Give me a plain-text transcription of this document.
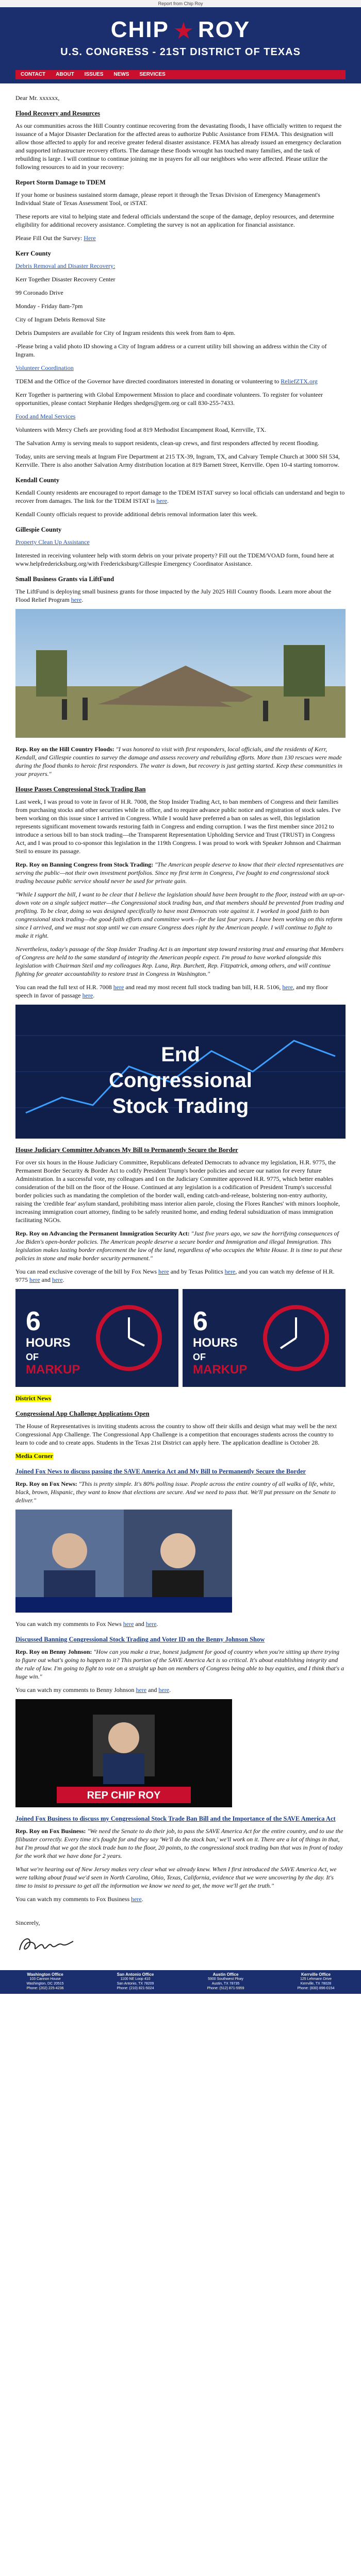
Report from Chip Roy
CHIP ROY
U.S. CONGRESS - 21ST DISTRICT OF TEXAS
CONTACT	ABOUT	ISSUES	NEWS	SERVICES

Dear Mr. xxxxxx,

Flood Recovery and Resources

As our communities across the Hill Country continue recovering from the devastating floods, I have officially written to request the issuance of a Major Disaster Declaration for the affected areas to authorize Public Assistance from FEMA. This designation will allow those affected to apply for and receive greater federal disaster assistance. FEMA has already issued an emergency declaration and supported infrastructure recovery efforts. The damage these floods wrought has touched many families, and the task of rebuilding is large. I will continue to continue joining me in prayers for all our neighbors who were affected. Please utilize the following resources to aid in your recovery:

Report Storm Damage to TDEM

If your home or business sustained storm damage, please report it through the Texas Division of Emergency Management's Individual State of Texas Assessment Tool, or iSTAT.

These reports are vital to helping state and federal officials understand the scope of the damage, deploy resources, and determine eligibility for additional recovery assistance. Completing the survey is not an application for financial assistance.

Please Fill Out the Survey: Here

Kerr County

Debris Removal and Disaster Recovery:

Kerr Together Disaster Recovery Center

99 Coronado Drive

Monday - Friday 8am-7pm

City of Ingram Debris Removal Site

Debris Dumpsters are available for City of Ingram residents this week from 8am to 4pm.

-Please bring a valid photo ID showing a City of Ingram address or a current utility bill showing an address within the City of Ingram.

Volunteer Coordination

TDEM and the Office of the Governor have directed coordinators interested in donating or volunteering to ReliefZTX.org

Kerr Together is partnering with Global Empowerment Mission to place and coordinate volunteers. To register for volunteer opportunities, please contact Stephanie Hedges shedges@gem.org or call 830-255-7433.

Food and Meal Services

Volunteers with Mercy Chefs are providing food at 819 Methodist Encampment Road, Kerrville, TX.

The Salvation Army is serving meals to support residents, clean-up crews, and first responders affected by recent flooding.

Today, units are serving meals at Ingram Fire Department at 215 TX-39, Ingram, TX, and Calvary Temple Church at 3000 SH 534, Kerrville. There is also another Salvation Army distribution location at 819 Barnett Street, Kerrville. Open 10-4 starting tomorrow.

Kendall County

Kendall County residents are encouraged to report damage to the TDEM ISTAT survey so local officials can understand and begin to recover from damages. The link for the TDEM ISTAT is here.

Kendall County officials request to provide additional debris removal information later this week.

Gillespie County

Property Clean Up Assistance

Interested in receiving volunteer help with storm debris on your private property? Fill out the TDEM/VOAD form, found here at www.helpfredericksburg.org/with Fredericksburg/Gillespie Emergency Coordinator Assistance.

Small Business Grants via LiftFund

The LiftFund is deploying small business grants for those impacted by the July 2025 Hill Country floods. Learn more about the Flood Relief Program here.

Rep. Roy on the Hill Country Floods: "I was honored to visit with first responders, local officials, and the residents of Kerr, Kendall, and Gillespie counties to survey the damage and assess recovery and rebuilding efforts. More than 130 rescues were made during the flood thanks to heroic first responders. The water is down, but recovery is just getting started. Keep these communities in your prayers."

House Passes Congressional Stock Trading Ban

Last week, I was proud to vote in favor of H.R. 7008, the Stop Insider Trading Act, to ban members of Congress and their families from purchasing stocks and other securities while in office, and to require advance public notice and registration of stock sales. I've been working on this issue since I arrived in Congress. While I would have preferred a ban on sales as well, this legislation represents significant movement towards restoring faith in Congress and ending corruption. I was the first member since 2012 to introduce a serious bill to ban stock trading—the Transparent Representation Upholding Service and Trust (TRUST) in Congress Act, and I was proud to co-sponsor this legislation in the 119th Congress. I was proud to work with Speaker Johnson and Chairman Steil to ensure its passage.

Rep. Roy on Banning Congress from Stock Trading: "The American people deserve to know that their elected representatives are serving the public—not their own investment portfolios. Since my first term in Congress, I've fought to end congressional stock trading because public service should never be used for private gain.

"While I support the bill, I want to be clear that I believe the legislation should have been brought to the floor, instead with an up-or-down vote on a single subject matter—the Congressional stock trading ban, and that members should be prevented from trading and profiting. To be clear, doing so was designed specifically to have most Democrats vote against it. I worked in good faith to ban congressional stock trading—the good-faith efforts and committee work—for the last four years. I have been working on this reform since I arrived, and we must not stop until we can ensure Congress does right by the American people. I will continue to fight to make it right.

Nevertheless, today's passage of the Stop Insider Trading Act is an important step toward restoring trust and ensuring that Members of Congress are held to the same standard of integrity the American people expect. I'm proud to have worked alongside this legislation with Chairman Steil and my colleagues Rep. Luna, Rep. Burchett, Rep. Fitzpatrick, among others, and will continue fighting for greater accountability to restore trust in Congress in Washington."

You can read the full text of H.R. 7008 here and read my most recent full stock trading ban bill, H.R. 5106, here, and my floor speech in favor of passage here.

End
Congressional
Stock Trading
House Judiciary Committee Advances My Bill to Permanently Secure the Border

For over six hours in the House Judiciary Committee, Republicans defeated Democrats to advance my legislation, H.R. 9775, the Permanent Border Security & Border Act to codify President Trump's border policies and secure our nation for every future Administration. In a successful vote, my colleagues and I on the Judiciary Committee approved H.R. 9775, which better enables consideration of the bill on the floor of the House. Continued at any legislation is a codification of President Trump's successful border policies such as mandating the completion of the border wall, ending catch-and-release, bolstering non-entry authority, raising the 'credible fear' asylum standard, prohibiting mass interior alien parole, closing the Flores Ranches' with minors loophole, increasing immigration court attorney, finding to be safely reunited home, and ending federal subsidization of mass immigration facilitating NGOs.

Rep. Roy on Advancing the Permanent Immigration Security Act: "Just five years ago, we saw the horrifying consequences of Joe Biden's open-border policies. The American people deserve a secure border and Immigration and illegal Immigration. This legislation makes lasting border enforcement the law of the land, regardless of who occupies the White House. It is time to put these policies in stone and make border security permanent."

You can read exclusive coverage of the bill by Fox News here and by Texas Politics here, and you can watch my defense of H.R. 9775 here and here.

6
HOURS
OF
MARKUP
6
HOURS
OF
MARKUP

District News

Congressional App Challenge Applications Open

The House of Representatives is inviting students across the country to show off their skills and design what may well be the next Congressional App Challenge. The Congressional App Challenge is a competition that encourages students across the country to learn to code and to create apps. Students in the Texas 21st District can apply here. The application deadline is October 28.

Media Corner

Joined Fox News to discuss passing the SAVE America Act and My Bill to Permanently Secure the Border

Rep. Roy on Fox News: "This is pretty simple. It's 80% polling issue. People across the entire country of all walks of life, white, black, brown, Hispanic, they want to know that elections are secure. And we need to pass that. We'll put pressure on the Senate to deliver."

You can watch my comments to Fox News here and here.

Discussed Banning Congressional Stock Trading and Voter ID on the Benny Johnson Show

Rep. Roy on Benny Johnson: "How can you make a true, honest judgment for good of country when you're sitting up there trying to figure out what's going to happen to it? This portion of the SAVE America Act is so critical. It's about establishing integrity and the rule of law. I'm going to fight to vote on a straight up ban on members of Congress being able to buy equities, and I think that's a huge win."

You can watch my comments to Benny Johnson here and here.

REP CHIP ROY
Joined Fox Business to discuss my Congressional Stock Trade Ban Bill and the Importance of the SAVE America Act

Rep. Roy on Fox Business: "We need the Senate to do their job, to pass the SAVE America Act for the entire country, and to use the filibuster correctly. Every time it's fought for and they say 'We'll do the stock ban,' we'll work on it. There are a lot of things in that, but I'm proud that we got the stock trade ban to the floor, 20 points, to the congressional stock trading ban that was in front of today for the work that we have done for 2 years.

What we're hearing out of New Jersey makes very clear what we already knew. When I first introduced the SAVE America Act, we were talking about fraud we'd seen in North Carolina, Ohio, Texas, California, evidence that we were uncovering by the day. It's time to insist to pressure to get all the information we know we need to get, the move we'll get the truth."

You can watch my comments to Fox Business here.

Sincerely,

Washington Office
103 Cannon House
Washington, DC 20515
Phone: (202) 225-4236
San Antonio Office
1100 NE Loop 410
San Antonio, TX 78209
Phone: (210) 821-5024
Austin Office
5900 Southwest Pkwy
Austin, TX 78735
Phone: (512) 871-5959
Kerrville Office
125 Lehmann Drive
Kerrville, TX 78028
Phone: (830) 896-0154
